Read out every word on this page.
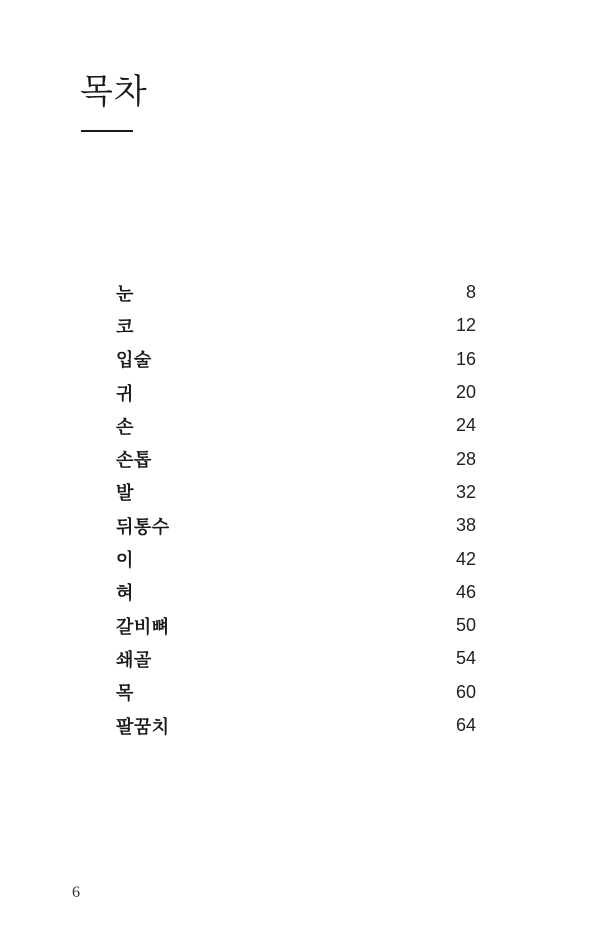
목차
눈	8
코	12
입술	16
귀	20
손	24
손톱	28
발	32
뒤통수	38
이	42
혀	46
갈비뼈	50
쇄골	54
목	60
팔꿈치	64
6
